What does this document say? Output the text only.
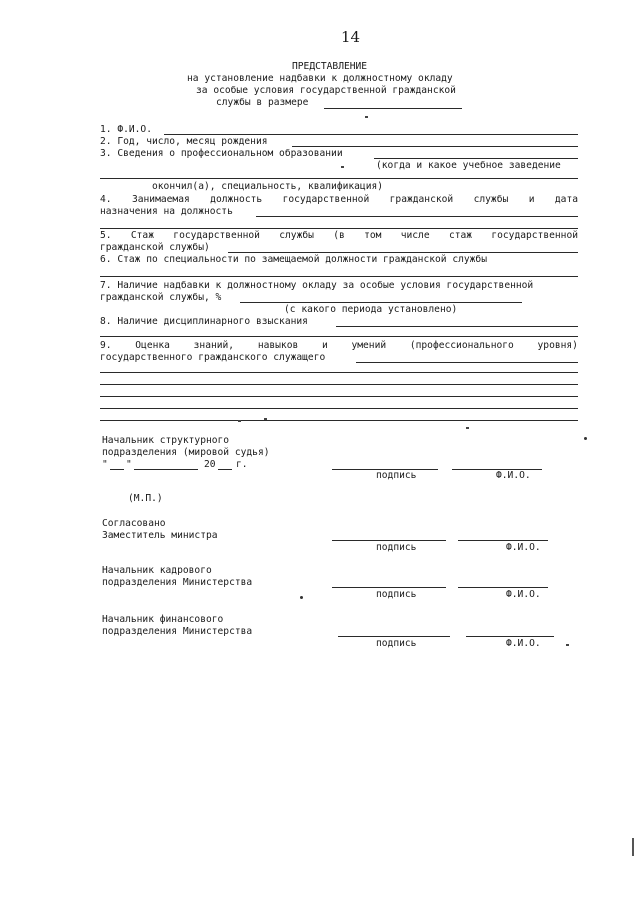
14
ПРЕДСТАВЛЕНИЕ
на установление надбавки к должностному окладу
за особые условия государственной гражданской
службы в размере
1. Ф.И.О.
2. Год, число, месяц рождения
3. Сведения о профессиональном образовании
(когда и какое учебное заведение
окончил(а), специальность, квалификация)
4. Занимаемая должность государственной гражданской службы и дата
назначения на должность
5. Стаж государственной службы (в том числе стаж государственной
гражданской службы)
6. Стаж по специальности по замещаемой должности гражданской службы
7. Наличие надбавки к должностному окладу за особые условия государственной
гражданской службы, %
(с какого периода установлено)
8. Наличие дисциплинарного взыскания
9. Оценка знаний, навыков и умений (профессионального уровня)
государственного гражданского служащего
Начальник структурного
подразделения (мировой судья)
" "	20 г.
подпись	Ф.И.О.
(М.П.)
Согласовано
Заместитель министра
подпись	Ф.И.О.
Начальник кадрового
подразделения Министерства
подпись	Ф.И.О.
Начальник финансового
подразделения Министерства
подпись	Ф.И.О.
